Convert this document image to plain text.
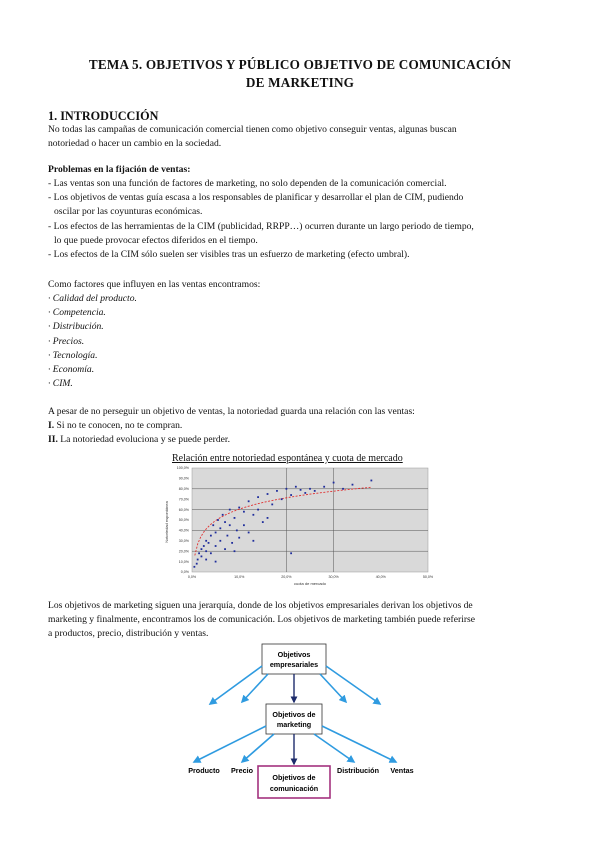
TEMA 5. OBJETIVOS Y PÚBLICO OBJETIVO DE COMUNICACIÓN
DE MARKETING
1. INTRODUCCIÓN
No todas las campañas de comunicación comercial tienen como objetivo conseguir ventas, algunas buscan
notoriedad o hacer un cambio en la sociedad.
Problemas en la fijación de ventas:
- Las ventas son una función de factores de marketing, no solo dependen de la comunicación comercial.
- Los objetivos de ventas guía escasa a los responsables de planificar y desarrollar el plan de CIM, pudiendo
oscilar por las coyunturas económicas.
- Los efectos de las herramientas de la CIM (publicidad, RRPP…) ocurren durante un largo periodo de tiempo,
lo que puede provocar efectos diferidos en el tiempo.
- Los efectos de la CIM sólo suelen ser visibles tras un esfuerzo de marketing (efecto umbral).
Como factores que influyen en las ventas encontramos:
· Calidad del producto.
· Competencia.
· Distribución.
· Precios.
· Tecnología.
· Economía.
· CIM.
A pesar de no perseguir un objetivo de ventas, la notoriedad guarda una relación con las ventas:
I. Si no te conocen, no te compran.
II. La notoriedad evoluciona y se puede perder.
Relación entre notoriedad espontánea y cuota de mercado
0,0%
10,0%
20,0%
30,0%
40,0%
50,0%
60,0%
70,0%
80,0%
90,0%
100,0%
0,0%	10,0%	20,0%	30,0%	40,0%	50,0%
cuota de mercado
Notoriedad espontánea
Los objetivos de marketing siguen una jerarquía, donde de los objetivos empresariales derivan los objetivos de
marketing y finalmente, encontramos los de comunicación. Los objetivos de marketing también puede referirse
a productos, precio, distribución y ventas.
Objetivos
empresariales
Objetivos de
marketing
Producto Precio	Distribución Ventas
Objetivos de
comunicación
